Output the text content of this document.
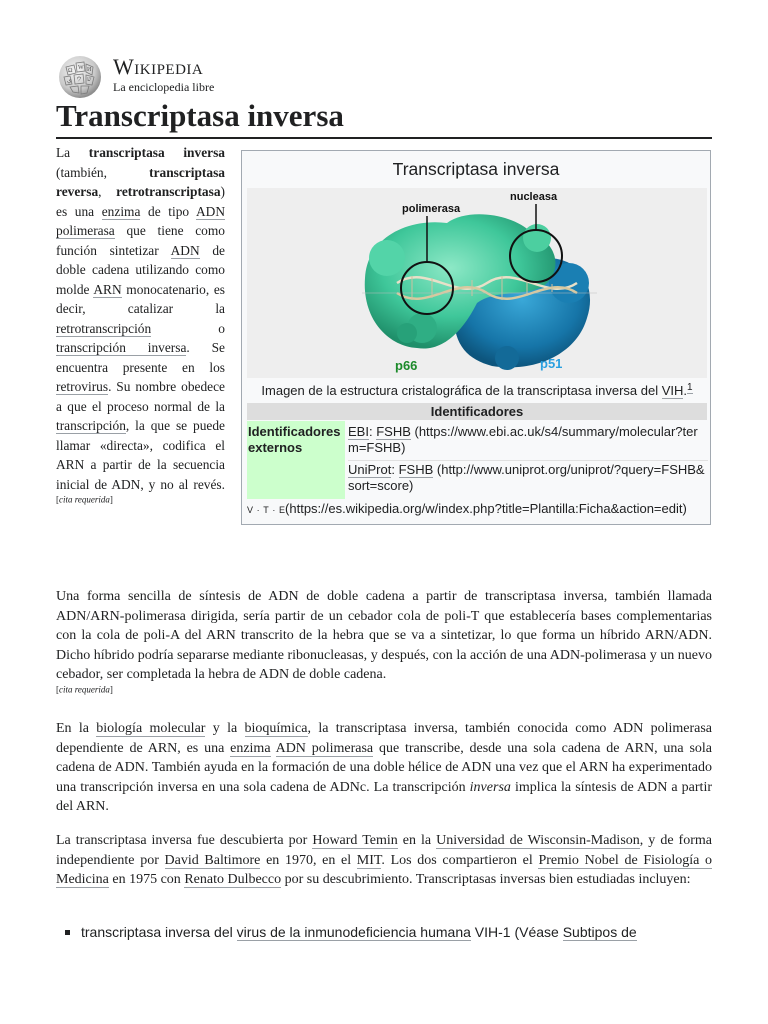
Ω W И
ウ ש
ي
Wikipedia
La enciclopedia libre
Transcriptasa inversa

La transcriptasa inversa (también, transcriptasa reversa, retrotranscriptasa) es una enzima de tipo ADN polimerasa que tiene como función sintetizar ADN de doble cadena utilizando como molde ARN monocatenario, es decir, catalizar la retrotranscripción o transcripción inversa. Se encuentra presente en los retrovirus. Su nombre obedece a que el proceso normal de la transcripción, la que se puede llamar «directa», codifica el ARN a partir de la secuencia inicial de ADN, y no al revés.[cita requerida]

Transcriptasa inversa
polimerasa
nucleasa
p66	p51
Imagen de la estructura cristalográfica de la transcriptasa inversa del VIH.$^1$
Identificadores
Identificadores externos
EBI: FSHB (https://www.ebi.ac.uk/s4/summary/molecular?term=FSHB)
UniProt: FSHB (http://www.uniprot.org/uniprot/?query=FSHB&sort=score)
V · T · E(https://es.wikipedia.org/w/index.php?title=Plantilla:Ficha&action=edit)

Una forma sencilla de síntesis de ADN de doble cadena a partir de transcriptasa inversa, también llamada ADN/ARN-polimerasa dirigida, sería partir de un cebador cola de poli-T que establecería bases complementarias con la cola de poli-A del ARN transcrito de la hebra que se va a sintetizar, lo que forma un híbrido ARN/ADN. Dicho híbrido podría separarse mediante ribonucleasas, y después, con la acción de una ADN-polimerasa y un nuevo cebador, ser completada la hebra de ADN de doble cadena.
[cita requerida]

En la biología molecular y la bioquímica, la transcriptasa inversa, también conocida como ADN polimerasa dependiente de ARN, es una enzima ADN polimerasa que transcribe, desde una sola cadena de ARN, una sola cadena de ADN. También ayuda en la formación de una doble hélice de ADN una vez que el ARN ha experimentado una transcripción inversa en una sola cadena de ADNc. La transcripción inversa implica la síntesis de ADN a partir del ARN.

La transcriptasa inversa fue descubierta por Howard Temin en la Universidad de Wisconsin-Madison, y de forma independiente por David Baltimore en 1970, en el MIT. Los dos compartieron el Premio Nobel de Fisiología o Medicina en 1975 con Renato Dulbecco por su descubrimiento. Transcriptasas inversas bien estudiadas incluyen:

transcriptasa inversa del virus de la inmunodeficiencia humana VIH-1 (Véase Subtipos de
